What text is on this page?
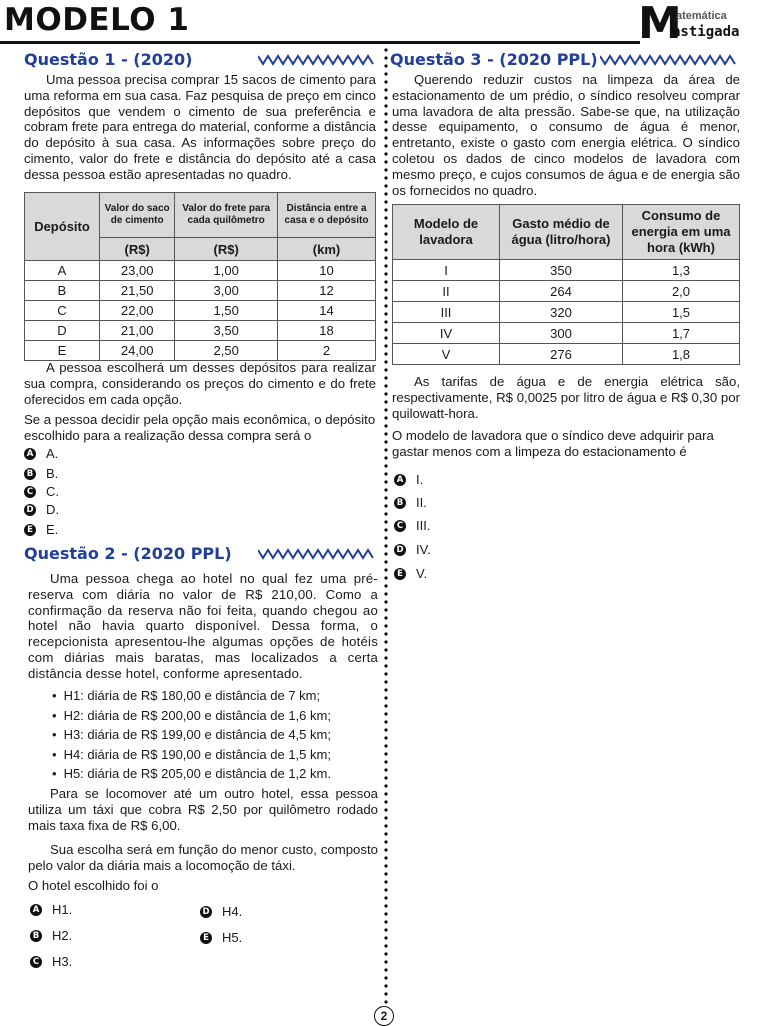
MODELO 1	M
atemática
astigada
Questão 1 - (2020)

Uma pessoa precisa comprar 15 sacos de cimento para uma reforma em sua casa. Faz pesquisa de preço em cinco depósitos que vendem o cimento de sua preferência e cobram frete para entrega do material, conforme a distância do depósito à sua casa. As informações sobre preço do cimento, valor do frete e distância do depósito até a casa dessa pessoa estão apresentadas no quadro.

Depósito	Valor do saco de cimento	Valor do frete para cada quilômetro	Distância entre a casa e o depósito
	(R$)	(R$)	(km)
A	23,00	1,00	10
B	21,50	3,00	12
C	22,00	1,50	14
D	21,00	3,50	18
E	24,00	2,50	2

A pessoa escolherá um desses depósitos para realizar sua compra, considerando os preços do cimento e do frete oferecidos em cada opção.

Se a pessoa decidir pela opção mais econômica, o depósito escolhido para a realização dessa compra será o

A A.
B B.
C C.
D D.
E E.
Questão 2 - (2020 PPL)

Uma pessoa chega ao hotel no qual fez uma pré-reserva com diária no valor de R$ 210,00. Como a confirmação da reserva não foi feita, quando chegou ao hotel não havia quarto disponível. Dessa forma, o recepcionista apresentou-lhe algumas opções de hotéis com diárias mais baratas, mas localizados a certa distância desse hotel, conforme apresentado.

• H1: diária de R$ 180,00 e distância de 7 km;
• H2: diária de R$ 200,00 e distância de 1,6 km;
• H3: diária de R$ 199,00 e distância de 4,5 km;
• H4: diária de R$ 190,00 e distância de 1,5 km;
• H5: diária de R$ 205,00 e distância de 1,2 km.

Para se locomover até um outro hotel, essa pessoa utiliza um táxi que cobra R$ 2,50 por quilômetro rodado mais taxa fixa de R$ 6,00.

Sua escolha será em função do menor custo, composto pelo valor da diária mais a locomoção de táxi.

O hotel escolhido foi o

A H1.
B H2.
C H3.
D H4.
E H5.
Questão 3 - (2020 PPL)

Querendo reduzir custos na limpeza da área de estacionamento de um prédio, o síndico resolveu comprar uma lavadora de alta pressão. Sabe-se que, na utilização desse equipamento, o consumo de água é menor, entretanto, existe o gasto com energia elétrica. O síndico coletou os dados de cinco modelos de lavadora com mesmo preço, e cujos consumos de água e de energia são os fornecidos no quadro.

Modelo de lavadora	Gasto médio de água (litro/hora)	Consumo de energia em uma hora (kWh)
I	350	1,3
II	264	2,0
III	320	1,5
IV	300	1,7
V	276	1,8

As tarifas de água e de energia elétrica são, respectivamente, R$ 0,0025 por litro de água e R$ 0,30 por quilowatt-hora.

O modelo de lavadora que o síndico deve adquirir para gastar menos com a limpeza do estacionamento é

A I.
B II.
C III.
D IV.
E V.
2
